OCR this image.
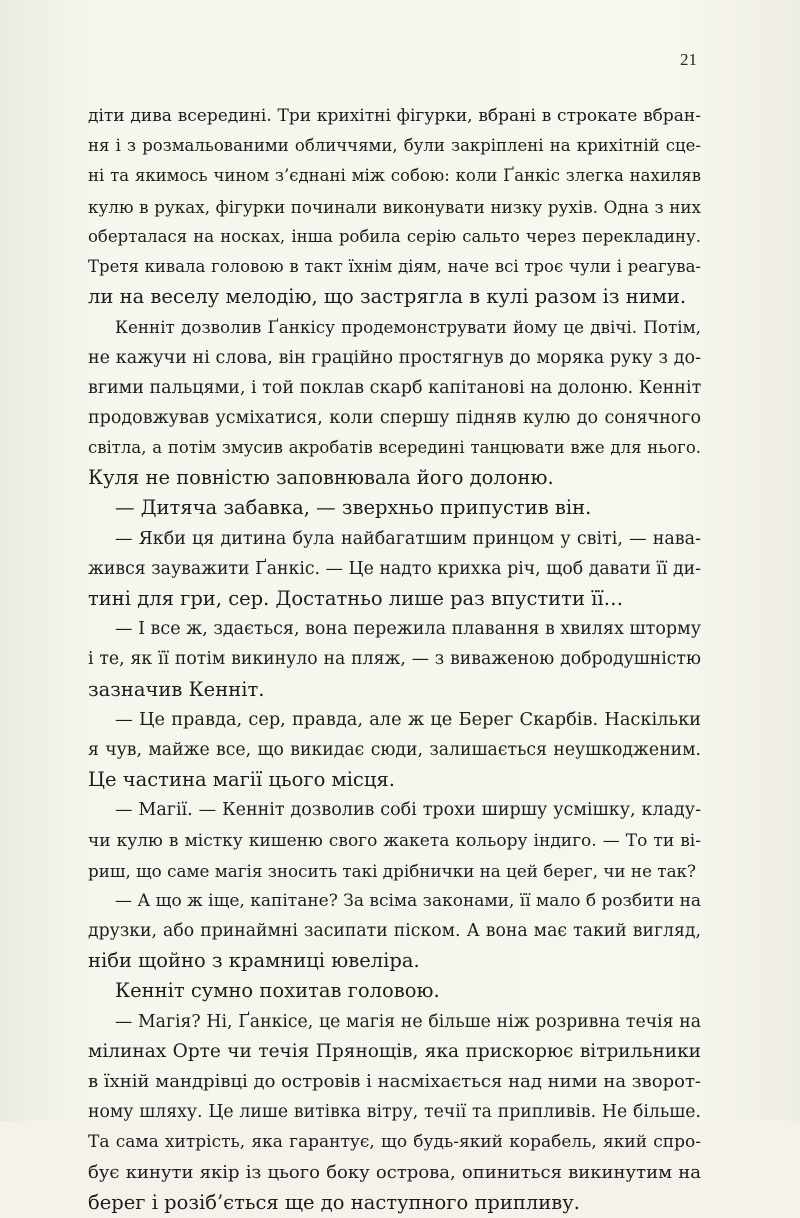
21
діти дива всередині. Три крихітні фігурки, вбрані в строкате вбран-
ня і з розмальованими обличчями, були закріплені на крихітній сце-
ні та якимось чином з’єднані між собою: коли Ґанкіс злегка нахиляв
кулю в руках, фігурки починали виконувати низку рухів. Одна з них
оберталася на носках, інша робила серію сальто через перекладину.
Третя кивала головою в такт їхнім діям, наче всі троє чули і реагува-
ли на веселу мелодію, що застрягла в кулі разом із ними.
Кенніт дозволив Ґанкісу продемонструвати йому це двічі. Потім,
не кажучи ні слова, він граційно простягнув до моряка руку з до-
вгими пальцями, і той поклав скарб капітанові на долоню. Кенніт
продовжував усміхатися, коли спершу підняв кулю до сонячного
світла, а потім змусив акробатів всередині танцювати вже для нього.
Куля не повністю заповнювала його долоню.
— Дитяча забавка, — зверхньо припустив він.
— Якби ця дитина була найбагатшим принцом у світі, — нава-
жився зауважити Ґанкіс. — Це надто крихка річ, щоб давати її ди-
тині для гри, сер. Достатньо лише раз впустити її…
— І все ж, здається, вона пережила плавання в хвилях шторму
і те, як її потім викинуло на пляж, — з виваженою добродушністю
зазначив Кенніт.
— Це правда, сер, правда, але ж це Берег Скарбів. Наскільки
я чув, майже все, що викидає сюди, залишається неушкодженим.
Це частина магії цього місця.
— Магії. — Кенніт дозволив собі трохи ширшу усмішку, кладу-
чи кулю в містку кишеню свого жакета кольору індиго. — То ти ві-
риш, що саме магія зносить такі дрібнички на цей берег, чи не так?
— А що ж іще, капітане? За всіма законами, її мало б розбити на
друзки, або принаймні засипати піском. А вона має такий вигляд,
ніби щойно з крамниці ювеліра.
Кенніт сумно похитав головою.
— Магія? Ні, Ґанкісе, це магія не більше ніж розривна течія на
мілинах Орте чи течія Прянощів, яка прискорює вітрильники
в їхній мандрівці до островів і насміхається над ними на зворот-
ному шляху. Це лише витівка вітру, течії та припливів. Не більше.
Та сама хитрість, яка гарантує, що будь-який корабель, який спро-
бує кинути якір із цього боку острова, опиниться викинутим на
берег і розіб’ється ще до наступного припливу.
